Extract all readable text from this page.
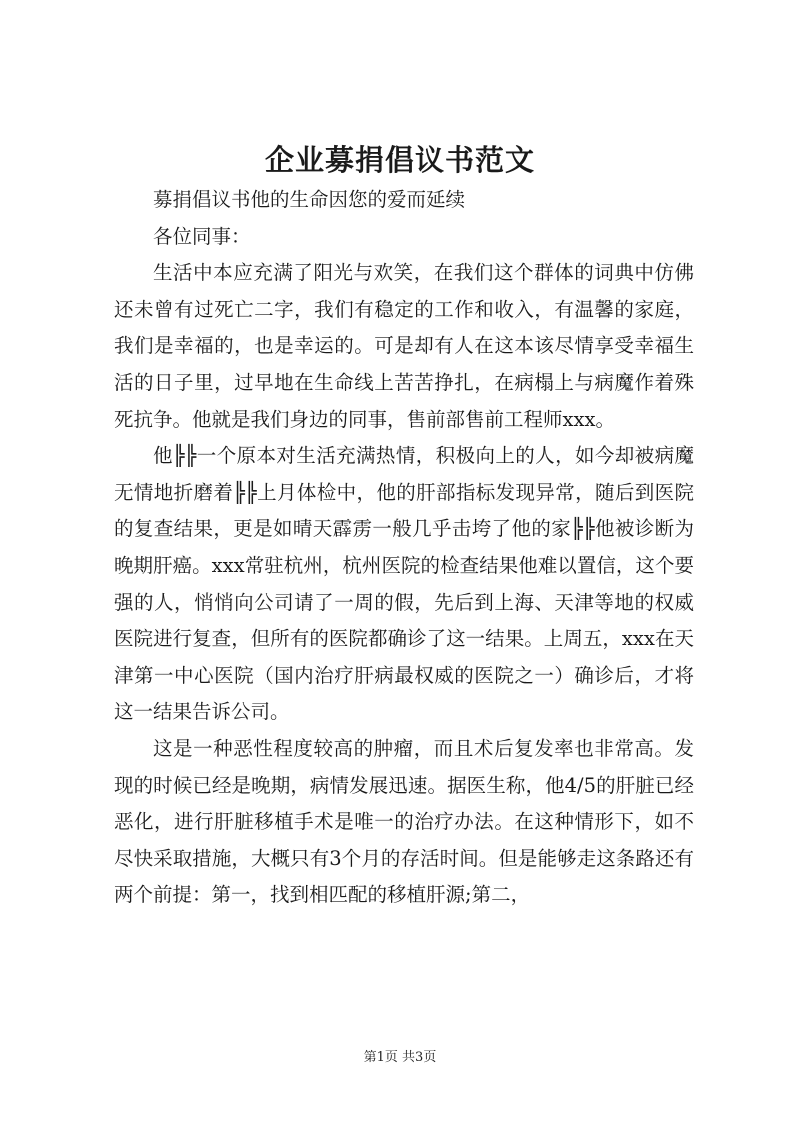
企业募捐倡议书范文

募捐倡议书他的生命因您的爱而延续

各位同事：

生活中本应充满了阳光与欢笑，在我们这个群体的词典中仿佛还未曾有过死亡二字，我们有稳定的工作和收入，有温馨的家庭，我们是幸福的，也是幸运的。可是却有人在这本该尽情享受幸福生活的日子里，过早地在生命线上苦苦挣扎，在病榻上与病魔作着殊死抗争。他就是我们身边的同事，售前部售前工程师xxx。

他╠╠一个原本对生活充满热情，积极向上的人，如今却被病魔无情地折磨着╠╠上月体检中，他的肝部指标发现异常，随后到医院的复查结果，更是如晴天霹雳一般几乎击垮了他的家╠╠他被诊断为晚期肝癌。xxx常驻杭州，杭州医院的检查结果他难以置信，这个要强的人，悄悄向公司请了一周的假，先后到上海、天津等地的权威医院进行复查，但所有的医院都确诊了这一结果。上周五，xxx在天津第一中心医院（国内治疗肝病最权威的医院之一）确诊后，才将这一结果告诉公司。

这是一种恶性程度较高的肿瘤，而且术后复发率也非常高。发现的时候已经是晚期，病情发展迅速。据医生称，他4/5的肝脏已经恶化，进行肝脏移植手术是唯一的治疗办法。在这种情形下，如不尽快采取措施，大概只有3个月的存活时间。但是能够走这条路还有两个前提：第一，找到相匹配的移植肝源;第二，

第1页 共3页
